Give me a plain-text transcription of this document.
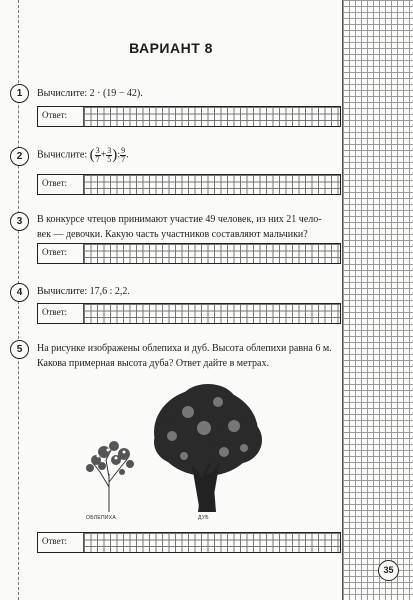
ВАРИАНТ 8
1	Вычислите: 2 · (19 − 42).
Ответ:
2	Вычислите: ( $\frac{3}{7} + \frac{3}{5}$ ): $\frac{9}{7}$ .
Ответ:
3	В конкурсе чтецов принимают участие 49 человек, из них 21 чело-
век — девочки. Какую часть участников составляют мальчики?
Ответ:
4	Вычислите: 17,6 : 2,2.
Ответ:
5	На рисунке изображены облепиха и дуб. Высота облепихи равна 6 м.
Какова примерная высота дуба? Ответ дайте в метрах.
ОБЛЕПИХА	ДУБ
Ответ:
35
